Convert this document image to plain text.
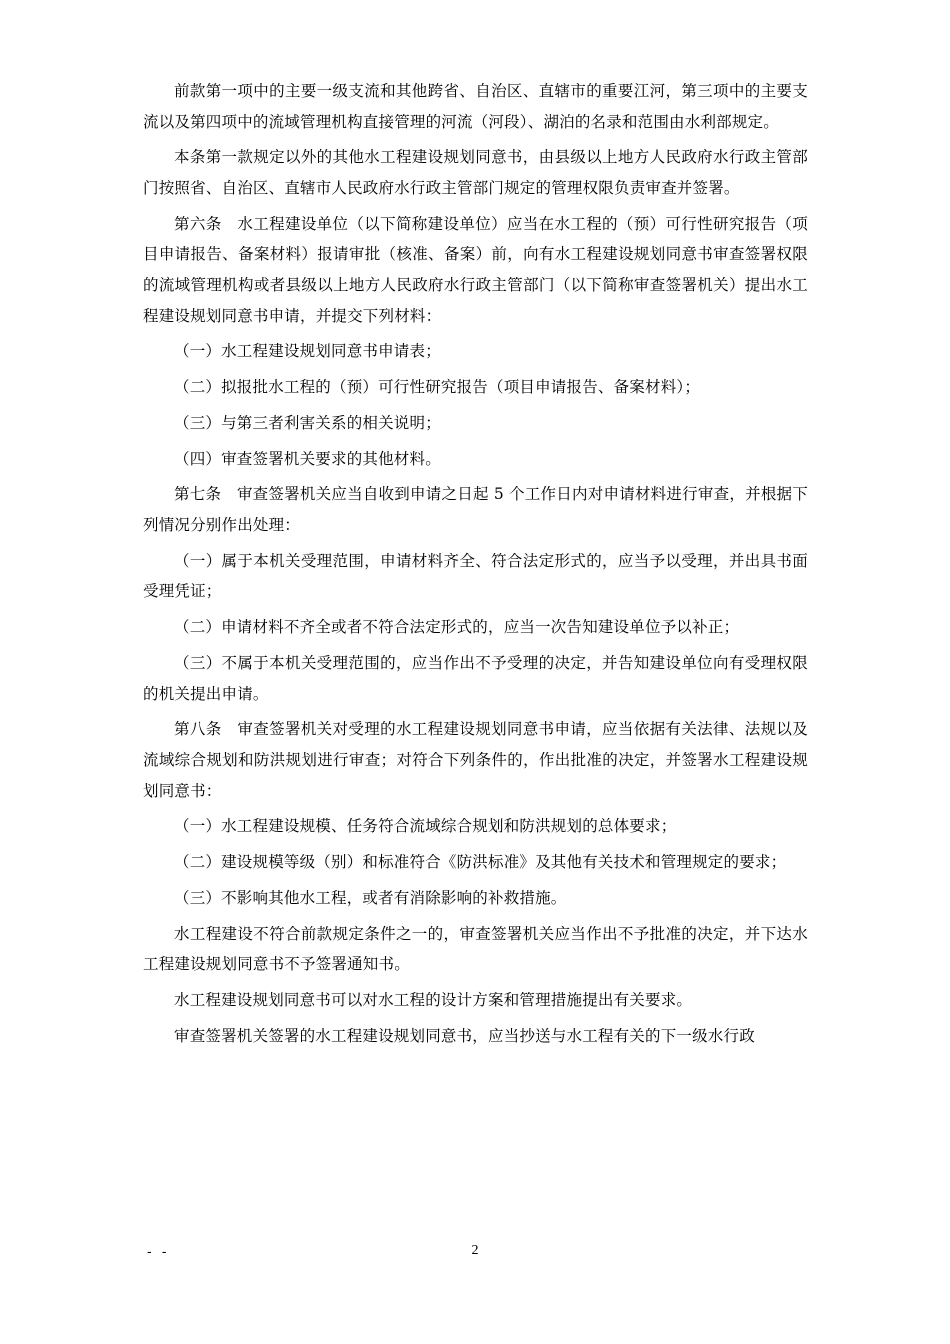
前款第一项中的主要一级支流和其他跨省、自治区、直辖市的重要江河，第三项中的主要支流以及第四项中的流域管理机构直接管理的河流（河段）、湖泊的名录和范围由水利部规定。

本条第一款规定以外的其他水工程建设规划同意书，由县级以上地方人民政府水行政主管部门按照省、自治区、直辖市人民政府水行政主管部门规定的管理权限负责审查并签署。

第六条　水工程建设单位（以下简称建设单位）应当在水工程的（预）可行性研究报告（项目申请报告、备案材料）报请审批（核准、备案）前，向有水工程建设规划同意书审查签署权限的流域管理机构或者县级以上地方人民政府水行政主管部门（以下简称审查签署机关）提出水工程建设规划同意书申请，并提交下列材料：

（一）水工程建设规划同意书申请表；

（二）拟报批水工程的（预）可行性研究报告（项目申请报告、备案材料）；

（三）与第三者利害关系的相关说明；

（四）审查签署机关要求的其他材料。

第七条　审查签署机关应当自收到申请之日起 5 个工作日内对申请材料进行审查，并根据下列情况分别作出处理：

（一）属于本机关受理范围，申请材料齐全、符合法定形式的，应当予以受理，并出具书面受理凭证；

（二）申请材料不齐全或者不符合法定形式的，应当一次告知建设单位予以补正；

（三）不属于本机关受理范围的，应当作出不予受理的决定，并告知建设单位向有受理权限的机关提出申请。

第八条　审查签署机关对受理的水工程建设规划同意书申请，应当依据有关法律、法规以及流域综合规划和防洪规划进行审查；对符合下列条件的，作出批准的决定，并签署水工程建设规划同意书：

（一）水工程建设规模、任务符合流域综合规划和防洪规划的总体要求；

（二）建设规模等级（别）和标准符合《防洪标准》及其他有关技术和管理规定的要求；

（三）不影响其他水工程，或者有消除影响的补救措施。

水工程建设不符合前款规定条件之一的，审查签署机关应当作出不予批准的决定，并下达水工程建设规划同意书不予签署通知书。

水工程建设规划同意书可以对水工程的设计方案和管理措施提出有关要求。

审查签署机关签署的水工程建设规划同意书，应当抄送与水工程有关的下一级水行政

- -	2
